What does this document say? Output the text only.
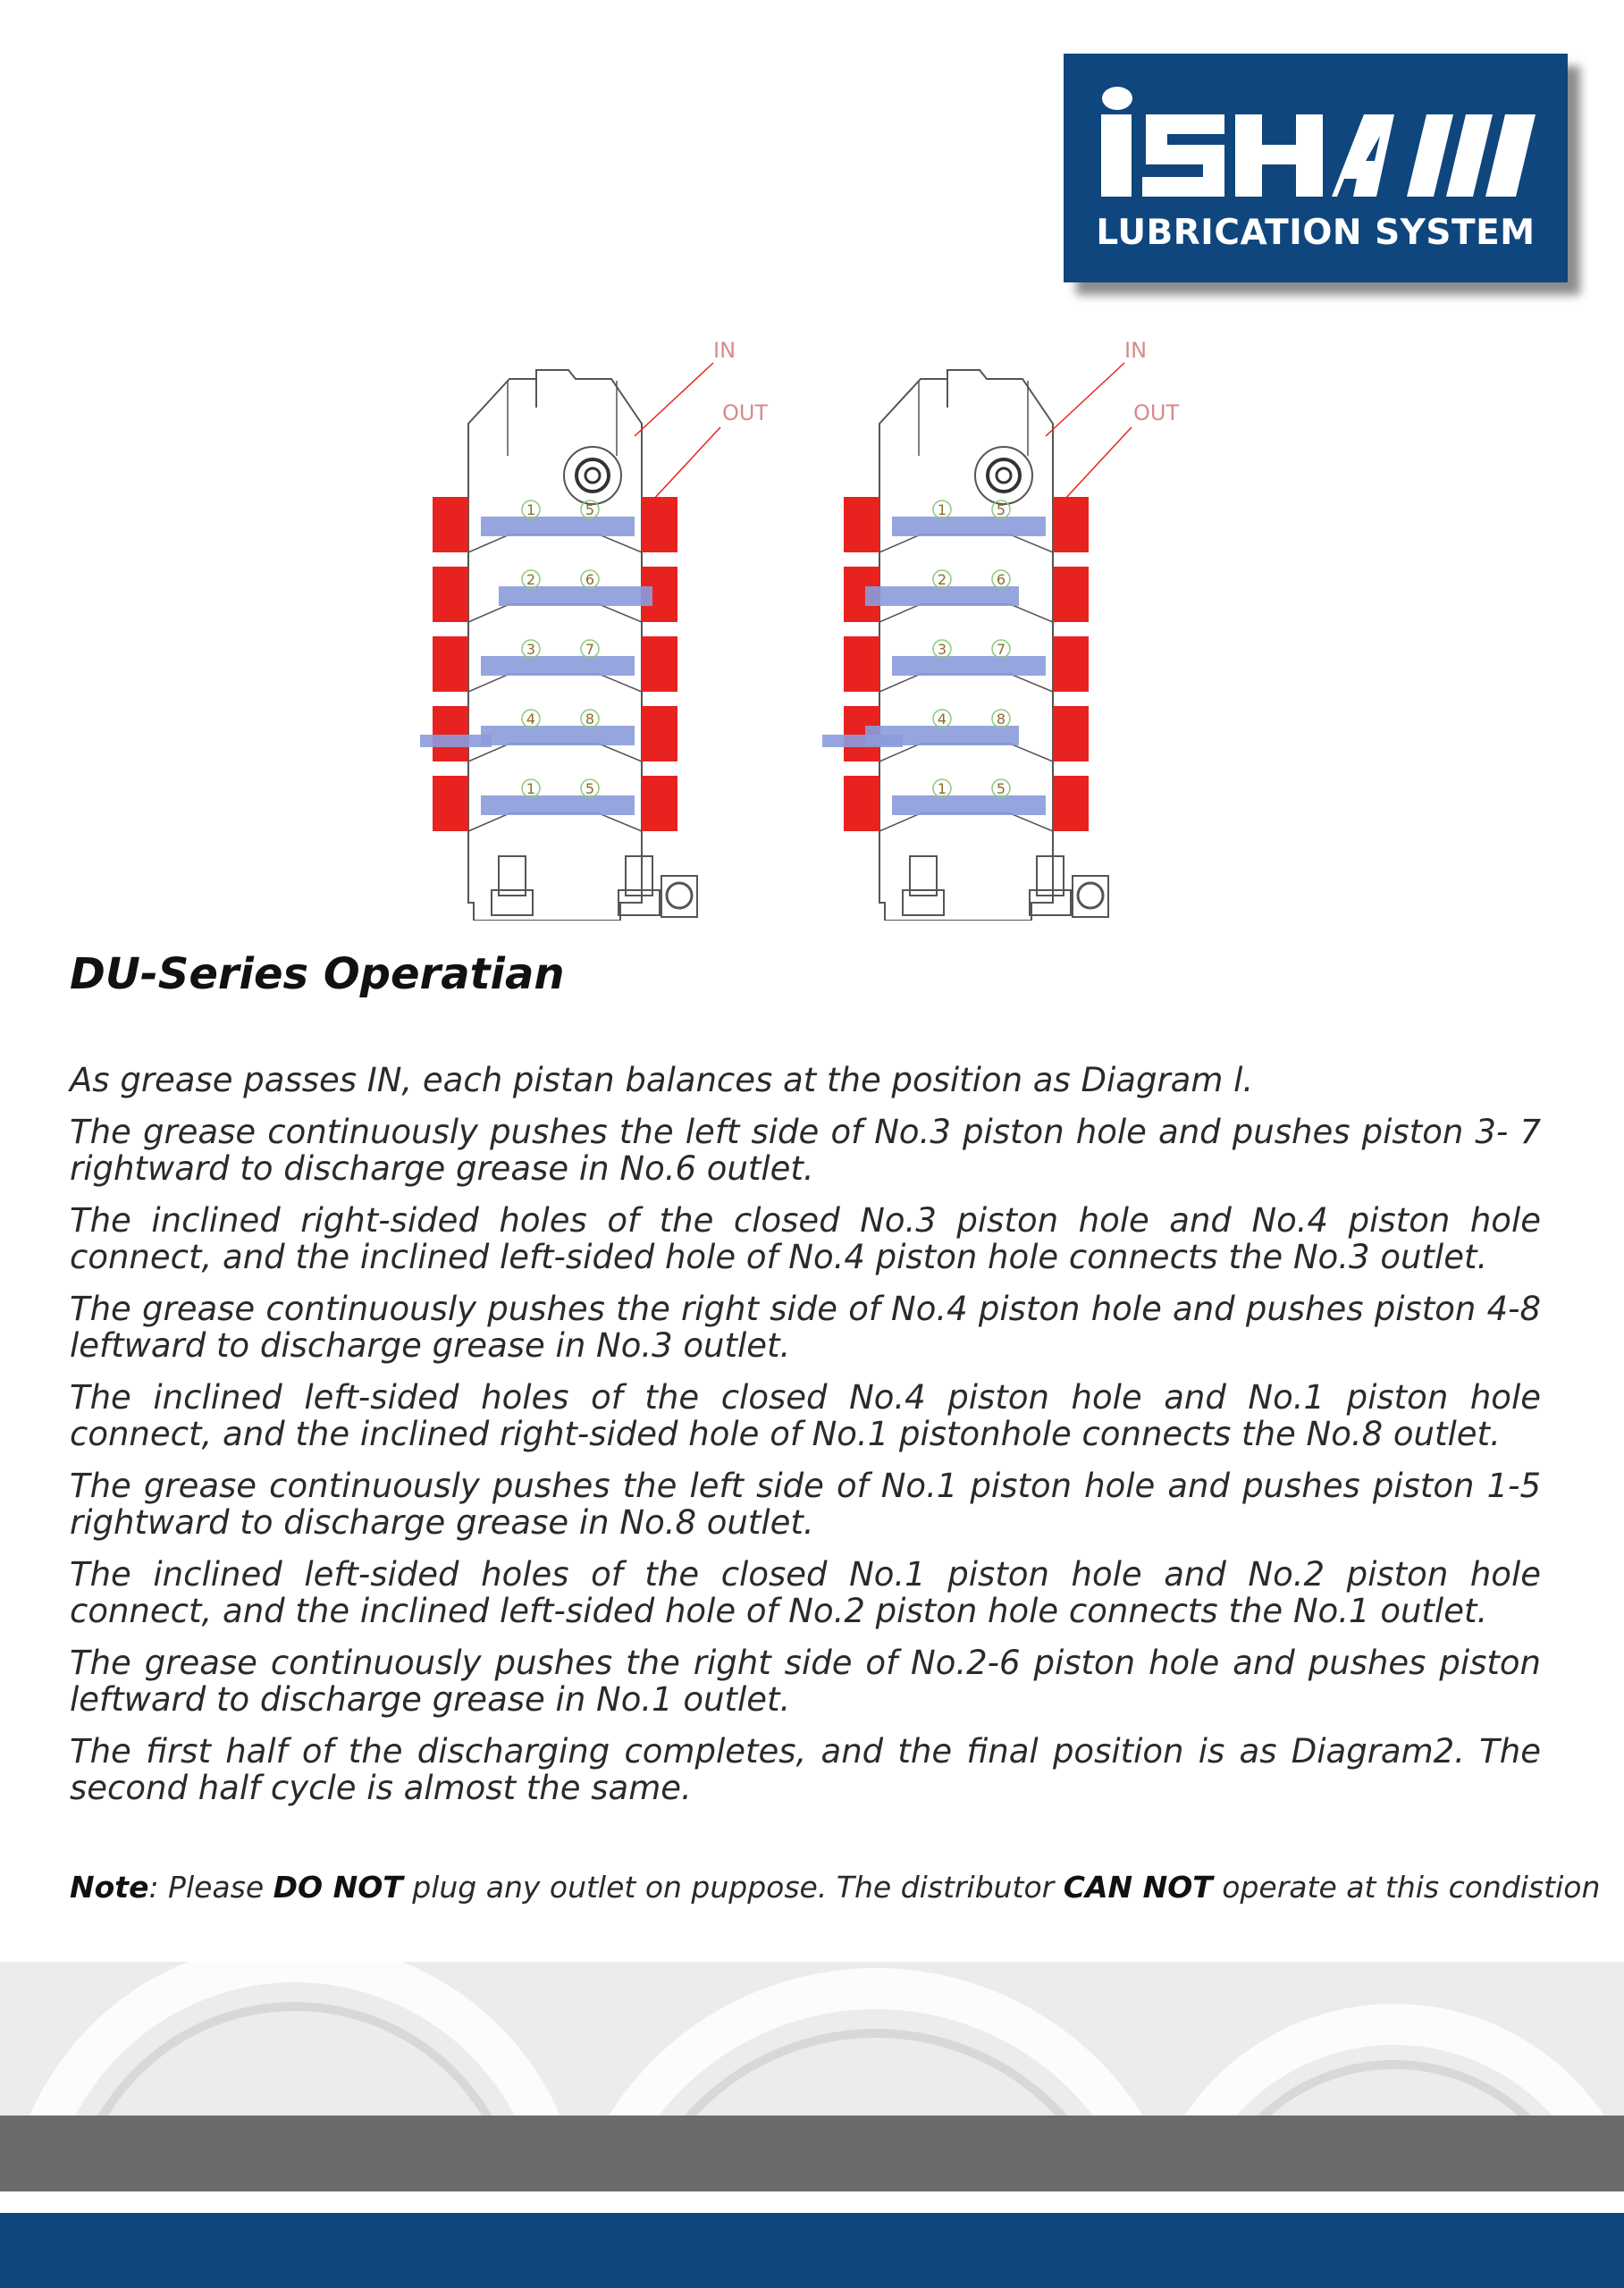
LUBRICATION SYSTEM
1	5
2	6
3	7
4	8
1	5
IN
OUT
1	5
2	6
3	7
4	8
1	5
IN
OUT
DU-Series Operatian

As grease passes IN, each pistan balances at the position as Diagram l.

The grease continuously pushes the left side of No.3 piston hole and pushes piston 3- 7 rightward to discharge grease in No.6 outlet.

The inclined right-sided holes of the closed No.3 piston hole and No.4 piston hole connect, and the inclined left-sided hole of No.4 piston hole connects the No.3 outlet.

The grease continuously pushes the right side of No.4 piston hole and pushes piston 4-8 leftward to discharge grease in No.3 outlet.

The inclined left-sided holes of the closed No.4 piston hole and No.1 piston hole connect, and the inclined right-sided hole of No.1 pistonhole connects the No.8 outlet.

The grease continuously pushes the left side of No.1 piston hole and pushes piston 1-5 rightward to discharge grease in No.8 outlet.

The inclined left-sided holes of the closed No.1 piston hole and No.2 piston hole connect, and the inclined left-sided hole of No.2 piston hole connects the No.1 outlet.

The grease continuously pushes the right side of No.2-6 piston hole and pushes piston leftward to discharge grease in No.1 outlet.

The first half of the discharging completes, and the final position is as Diagram2. The second half cycle is almost the same.

Note: Please DO NOT plug any outlet on puppose. The distributor CAN NOT operate at this condistion
